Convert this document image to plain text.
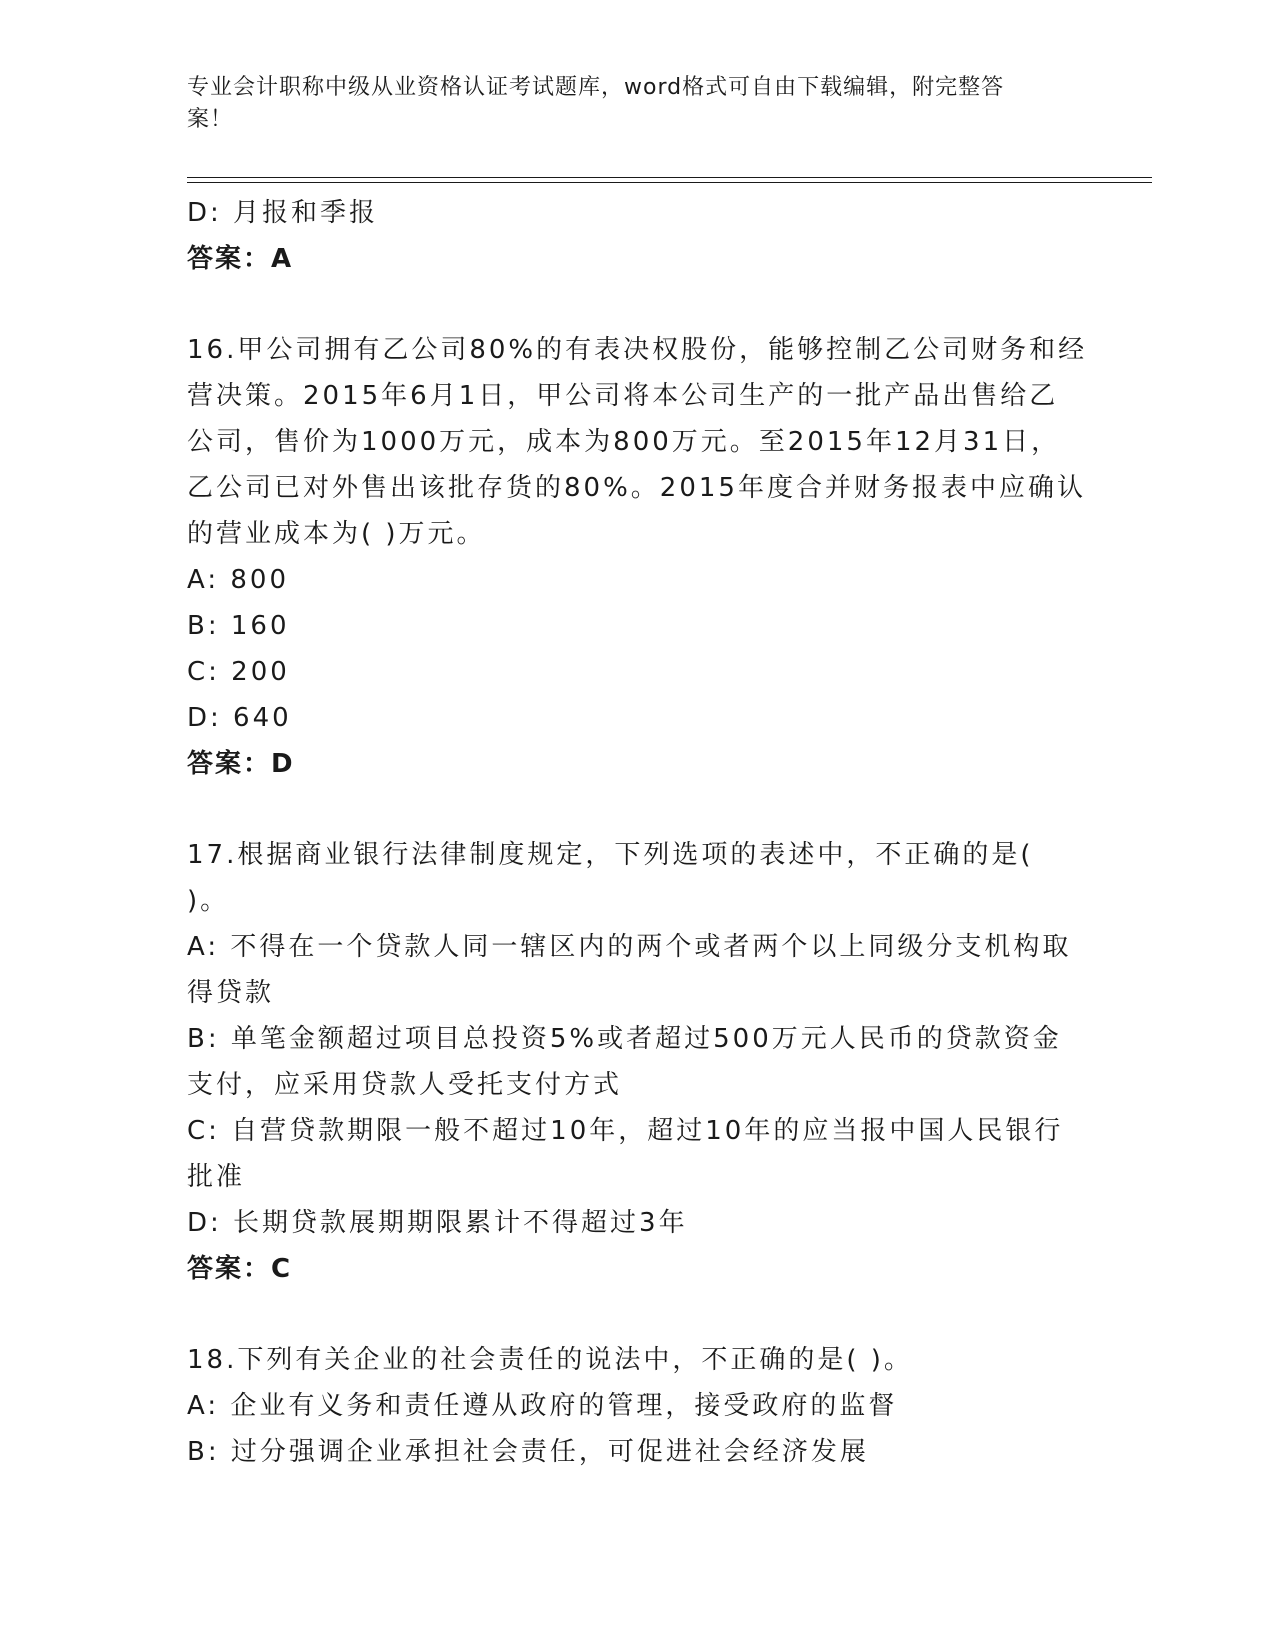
专业会计职称中级从业资格认证考试题库，word格式可自由下载编辑，附完整答
案！
D: 月报和季报
答案：A
16.甲公司拥有乙公司80%的有表决权股份，能够控制乙公司财务和经
营决策。2015年6月1日，甲公司将本公司生产的一批产品出售给乙
公司，售价为1000万元，成本为800万元。至2015年12月31日，
乙公司已对外售出该批存货的80%。2015年度合并财务报表中应确认
的营业成本为( )万元。
A: 800
B: 160
C: 200
D: 640
答案：D
17.根据商业银行法律制度规定，下列选项的表述中，不正确的是(
)。
A: 不得在一个贷款人同一辖区内的两个或者两个以上同级分支机构取
得贷款
B: 单笔金额超过项目总投资5%或者超过500万元人民币的贷款资金
支付，应采用贷款人受托支付方式
C: 自营贷款期限一般不超过10年，超过10年的应当报中国人民银行
批准
D: 长期贷款展期期限累计不得超过3年
答案：C
18.下列有关企业的社会责任的说法中，不正确的是( )。
A: 企业有义务和责任遵从政府的管理，接受政府的监督
B: 过分强调企业承担社会责任，可促进社会经济发展
